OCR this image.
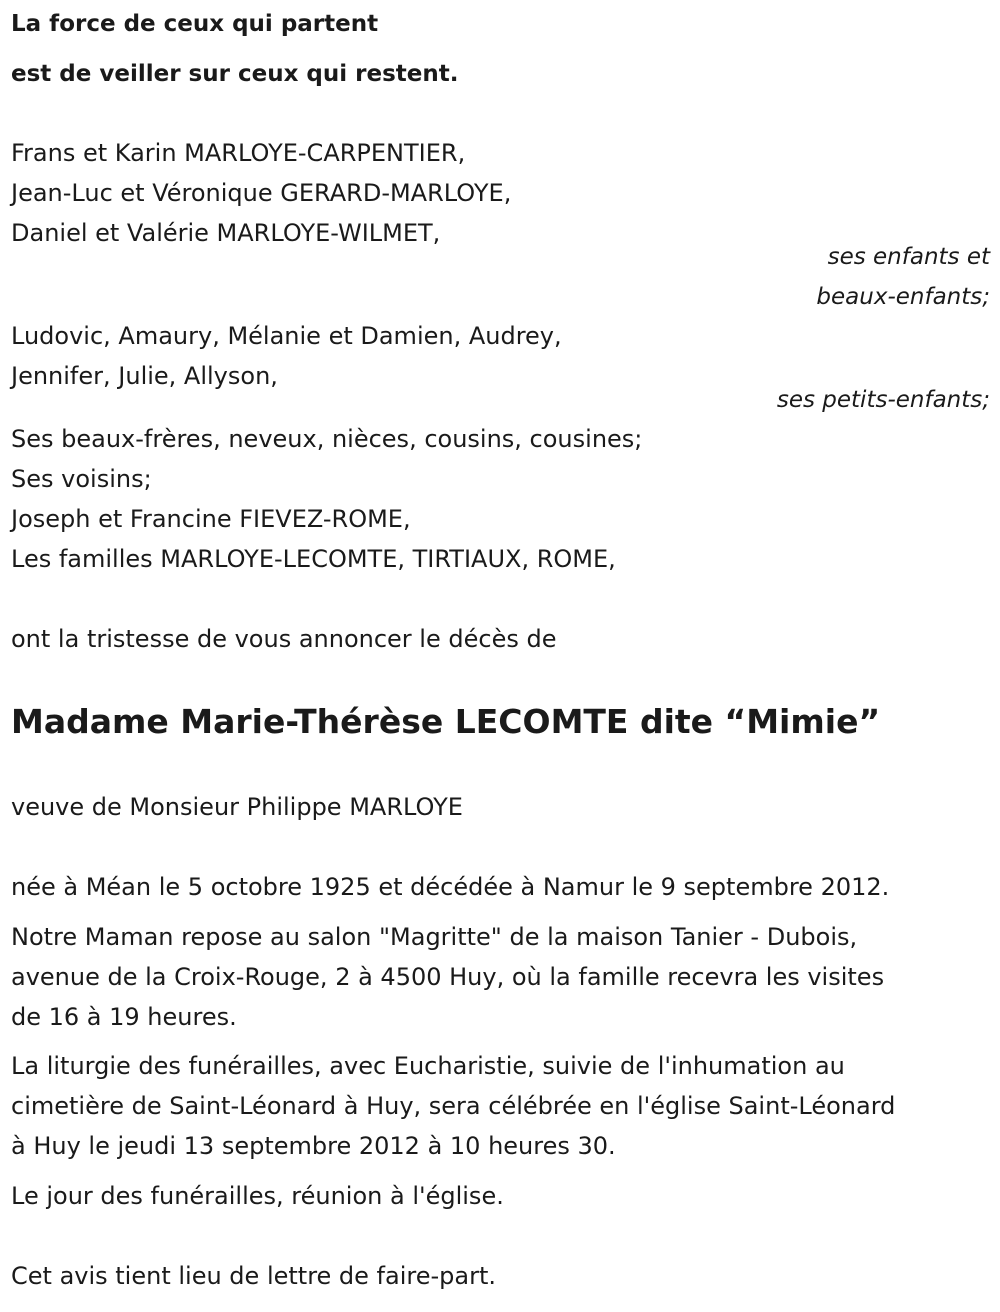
La force de ceux qui partent
est de veiller sur ceux qui restent.
Frans et Karin MARLOYE-CARPENTIER,
Jean-Luc et Véronique GERARD-MARLOYE,
Daniel et Valérie MARLOYE-WILMET,
ses enfants et
beaux-enfants;
Ludovic, Amaury, Mélanie et Damien, Audrey,
Jennifer, Julie, Allyson,
ses petits-enfants;
Ses beaux-frères, neveux, nièces, cousins, cousines;
Ses voisins;
Joseph et Francine FIEVEZ-ROME,
Les familles MARLOYE-LECOMTE, TIRTIAUX, ROME,
ont la tristesse de vous annoncer le décès de
Madame Marie-Thérèse LECOMTE dite “Mimie”
veuve de Monsieur Philippe MARLOYE
née à Méan le 5 octobre 1925 et décédée à Namur le 9 septembre 2012.
Notre Maman repose au salon "Magritte" de la maison Tanier - Dubois,
avenue de la Croix-Rouge, 2 à 4500 Huy, où la famille recevra les visites
de 16 à 19 heures.
La liturgie des funérailles, avec Eucharistie, suivie de l'inhumation au
cimetière de Saint-Léonard à Huy, sera célébrée en l'église Saint-Léonard
à Huy le jeudi 13 septembre 2012 à 10 heures 30.
Le jour des funérailles, réunion à l'église.
Cet avis tient lieu de lettre de faire-part.
